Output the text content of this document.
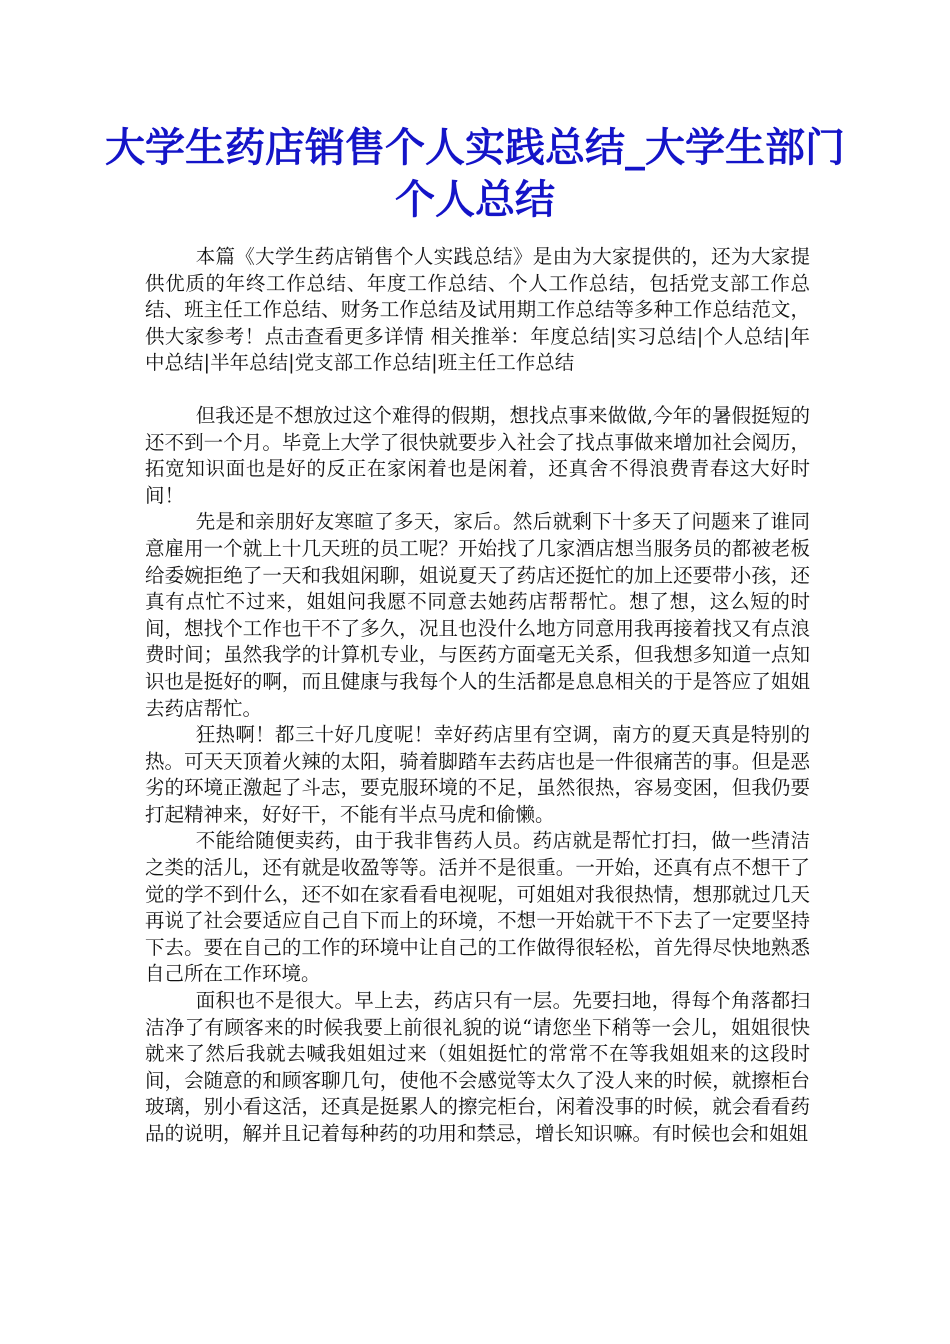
大学生药店销售个人实践总结_大学生部门个人总结

本篇《大学生药店销售个人实践总结》是由为大家提供的，还为大家提供优质的年终工作总结、年度工作总结、个人工作总结，包括党支部工作总结、班主任工作总结、财务工作总结及试用期工作总结等多种工作总结范文，供大家参考！点击查看更多详情 相关推举：年度总结|实习总结|个人总结|年中总结|半年总结|党支部工作总结|班主任工作总结

但我还是不想放过这个难得的假期，想找点事来做做,今年的暑假挺短的还不到一个月。毕竟上大学了很快就要步入社会了找点事做来增加社会阅历，拓宽知识面也是好的反正在家闲着也是闲着，还真舍不得浪费青春这大好时间！

先是和亲朋好友寒暄了多天，家后。然后就剩下十多天了问题来了谁同意雇用一个就上十几天班的员工呢？开始找了几家酒店想当服务员的都被老板给委婉拒绝了一天和我姐闲聊，姐说夏天了药店还挺忙的加上还要带小孩，还真有点忙不过来，姐姐问我愿不同意去她药店帮帮忙。想了想，这么短的时间，想找个工作也干不了多久，况且也没什么地方同意用我再接着找又有点浪费时间；虽然我学的计算机专业，与医药方面毫无关系，但我想多知道一点知识也是挺好的啊，而且健康与我每个人的生活都是息息相关的于是答应了姐姐去药店帮忙。

狂热啊！都三十好几度呢！幸好药店里有空调，南方的夏天真是特别的热。可天天顶着火辣的太阳，骑着脚踏车去药店也是一件很痛苦的事。但是恶劣的环境正激起了斗志，要克服环境的不足，虽然很热，容易变困，但我仍要打起精神来，好好干，不能有半点马虎和偷懒。

不能给随便卖药，由于我非售药人员。药店就是帮忙打扫，做一些清洁之类的活儿，还有就是收盈等等。活并不是很重。一开始，还真有点不想干了觉的学不到什么，还不如在家看看电视呢，可姐姐对我很热情，想那就过几天再说了社会要适应自己自下而上的环境，不想一开始就干不下去了一定要坚持下去。要在自己的工作的环境中让自己的工作做得很轻松，首先得尽快地熟悉自己所在工作环境。

面积也不是很大。早上去，药店只有一层。先要扫地，得每个角落都扫洁净了有顾客来的时候我要上前很礼貌的说“请您坐下稍等一会儿，姐姐很快就来了然后我就去喊我姐姐过来（姐姐挺忙的常常不在等我姐姐来的这段时间，会随意的和顾客聊几句，使他不会感觉等太久了没人来的时候，就擦柜台玻璃，别小看这活，还真是挺累人的擦完柜台，闲着没事的时候，就会看看药品的说明，解并且记着每种药的功用和禁忌，增长知识嘛。有时候也会和姐姐
